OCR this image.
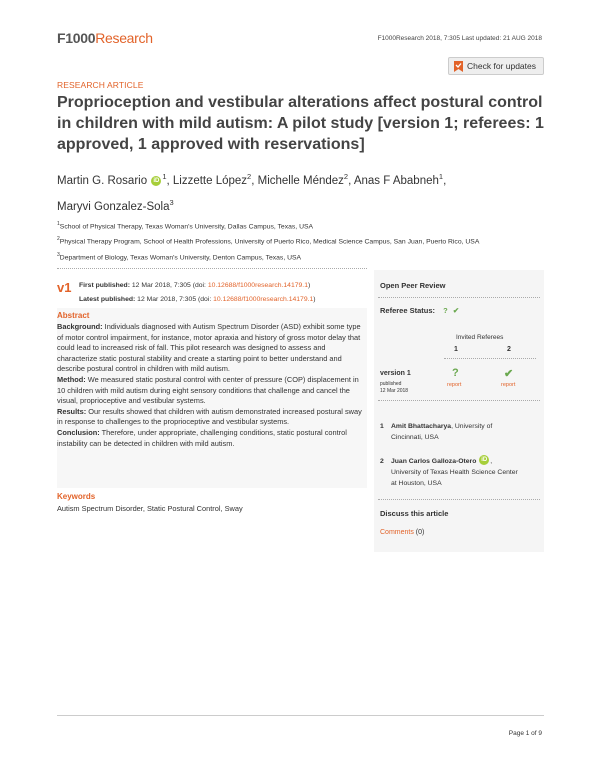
F1000Research	F1000Research 2018, 7:305 Last updated: 21 AUG 2018
Check for updates
RESEARCH ARTICLE
Proprioception and vestibular alterations affect postural control in children with mild autism: A pilot study [version 1; referees: 1 approved, 1 approved with reservations]
Martin G. Rosario iD $^1$, Lizzette López$^2$, Michelle Méndez$^2$, Anas F Ababneh$^1$,
Maryvi Gonzalez-Sola$^3$
$^1$School of Physical Therapy, Texas Woman's University, Dallas Campus, Texas, USA
$^2$Physical Therapy Program, School of Health Professions, University of Puerto Rico, Medical Science Campus, San Juan, Puerto Rico, USA
$^3$Department of Biology, Texas Woman's University, Denton Campus, Texas, USA
v1 First published: 12 Mar 2018, 7:305 (doi: 10.12688/f1000research.14179.1)
Latest published: 12 Mar 2018, 7:305 (doi: 10.12688/f1000research.14179.1)
Abstract
Background: Individuals diagnosed with Autism Spectrum Disorder (ASD) exhibit some type of motor control impairment, for instance, motor apraxia and history of gross motor delay that could lead to increased risk of fall. This pilot research was designed to assess and characterize static postural stability and create a starting point to better understand and describe postural control in children with mild autism.
Method: We measured static postural control with center of pressure (COP) displacement in 10 children with mild autism during eight sensory conditions that challenge and cancel the visual, proprioceptive and vestibular systems.
Results: Our results showed that children with autism demonstrated increased postural sway in response to challenges to the proprioceptive and vestibular systems.
Conclusion: Therefore, under appropriate, challenging conditions, static postural control instability can be detected in children with mild autism.
Keywords
Autism Spectrum Disorder, Static Postural Control, Sway
Open Peer Review
Referee Status: ? ✔
Invited Referees
1	2
version 1
published
12 Mar 2018
?
report
✔
report
1 Amit Bhattacharya, University of
Cincinnati, USA
2 Juan Carlos Galloza-Otero iD ,
University of Texas Health Science Center
at Houston, USA
Discuss this article
Comments (0)
Page 1 of 9
